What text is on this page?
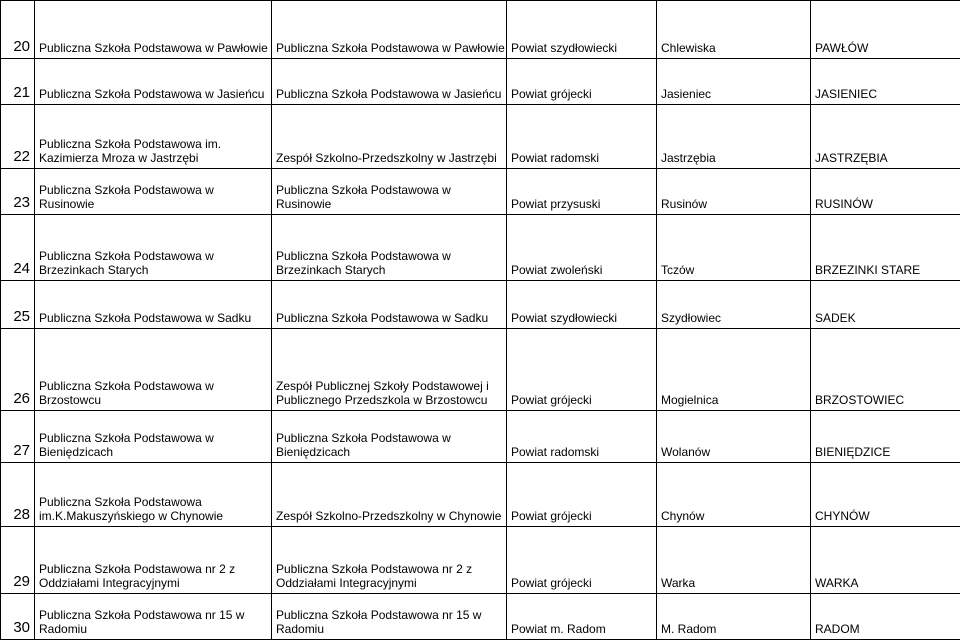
20	Publiczna Szkoła Podstawowa w Pawłowie	Publiczna Szkoła Podstawowa w Pawłowie	Powiat szydłowiecki	Chlewiska	PAWŁÓW
21	Publiczna Szkoła Podstawowa w Jasieńcu	Publiczna Szkoła Podstawowa w Jasieńcu	Powiat grójecki	Jasieniec	JASIENIEC
22	Publiczna Szkoła Podstawowa im. Kazimierza Mroza w Jastrzębi	Zespół Szkolno-Przedszkolny w Jastrzębi	Powiat radomski	Jastrzębia	JASTRZĘBIA
23	Publiczna Szkoła Podstawowa w Rusinowie	Publiczna Szkoła Podstawowa w Rusinowie	Powiat przysuski	Rusinów	RUSINÓW
24	Publiczna Szkoła Podstawowa w Brzezinkach Starych	Publiczna Szkoła Podstawowa w Brzezinkach Starych	Powiat zwoleński	Tczów	BRZEZINKI STARE
25	Publiczna Szkoła Podstawowa w Sadku	Publiczna Szkoła Podstawowa w Sadku	Powiat szydłowiecki	Szydłowiec	SADEK
26	Publiczna Szkoła Podstawowa w Brzostowcu	Zespół Publicznej Szkoły Podstawowej i Publicznego Przedszkola w Brzostowcu	Powiat grójecki	Mogielnica	BRZOSTOWIEC
27	Publiczna Szkoła Podstawowa w Bieniędzicach	Publiczna Szkoła Podstawowa w Bieniędzicach	Powiat radomski	Wolanów	BIENIĘDZICE
28	Publiczna Szkoła Podstawowa im.K.Makuszyńskiego w Chynowie	Zespół Szkolno-Przedszkolny w Chynowie	Powiat grójecki	Chynów	CHYNÓW
29	Publiczna Szkoła Podstawowa nr 2 z Oddziałami Integracyjnymi	Publiczna Szkoła Podstawowa nr 2 z Oddziałami Integracyjnymi	Powiat grójecki	Warka	WARKA
30	Publiczna Szkoła Podstawowa nr 15 w Radomiu	Publiczna Szkoła Podstawowa nr 15 w Radomiu	Powiat m. Radom	M. Radom	RADOM
